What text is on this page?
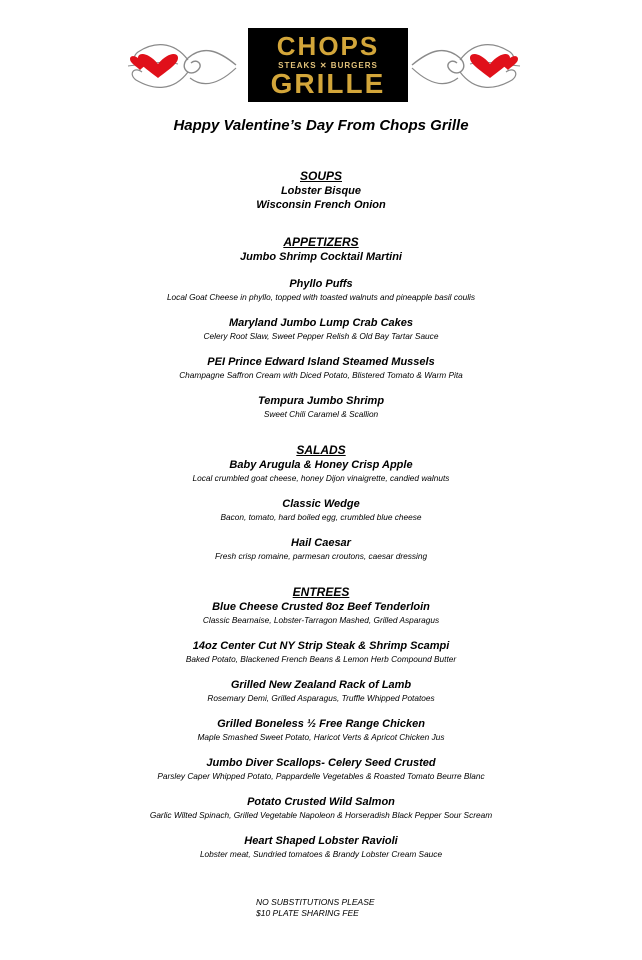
CHOPS
STEAKS ✕ BURGERS
GRILLE
Happy Valentine’s Day From Chops Grille
SOUPS
Lobster Bisque
Wisconsin French Onion
APPETIZERS
Jumbo Shrimp Cocktail Martini
Phyllo Puffs
Local Goat Cheese in phyllo, topped with toasted walnuts and pineapple basil coulis
Maryland Jumbo Lump Crab Cakes
Celery Root Slaw, Sweet Pepper Relish & Old Bay Tartar Sauce
PEI Prince Edward Island Steamed Mussels
Champagne Saffron Cream with Diced Potato, Blistered Tomato & Warm Pita
Tempura Jumbo Shrimp
Sweet Chili Caramel & Scallion
SALADS
Baby Arugula & Honey Crisp Apple
Local crumbled goat cheese, honey Dijon vinaigrette, candied walnuts
Classic Wedge
Bacon, tomato, hard boiled egg, crumbled blue cheese
Hail Caesar
Fresh crisp romaine, parmesan croutons, caesar dressing
ENTREES
Blue Cheese Crusted 8oz Beef Tenderloin
Classic Bearnaise, Lobster-Tarragon Mashed, Grilled Asparagus
14oz Center Cut NY Strip Steak & Shrimp Scampi
Baked Potato, Blackened French Beans & Lemon Herb Compound Butter
Grilled New Zealand Rack of Lamb
Rosemary Demi, Grilled Asparagus, Truffle Whipped Potatoes
Grilled Boneless ½ Free Range Chicken
Maple Smashed Sweet Potato, Haricot Verts & Apricot Chicken Jus
Jumbo Diver Scallops- Celery Seed Crusted
Parsley Caper Whipped Potato, Pappardelle Vegetables & Roasted Tomato Beurre Blanc
Potato Crusted Wild Salmon
Garlic Wilted Spinach, Grilled Vegetable Napoleon & Horseradish Black Pepper Sour Scream
Heart Shaped Lobster Ravioli
Lobster meat, Sundried tomatoes & Brandy Lobster Cream Sauce
NO SUBSTITUTIONS PLEASE
$10 PLATE SHARING FEE
